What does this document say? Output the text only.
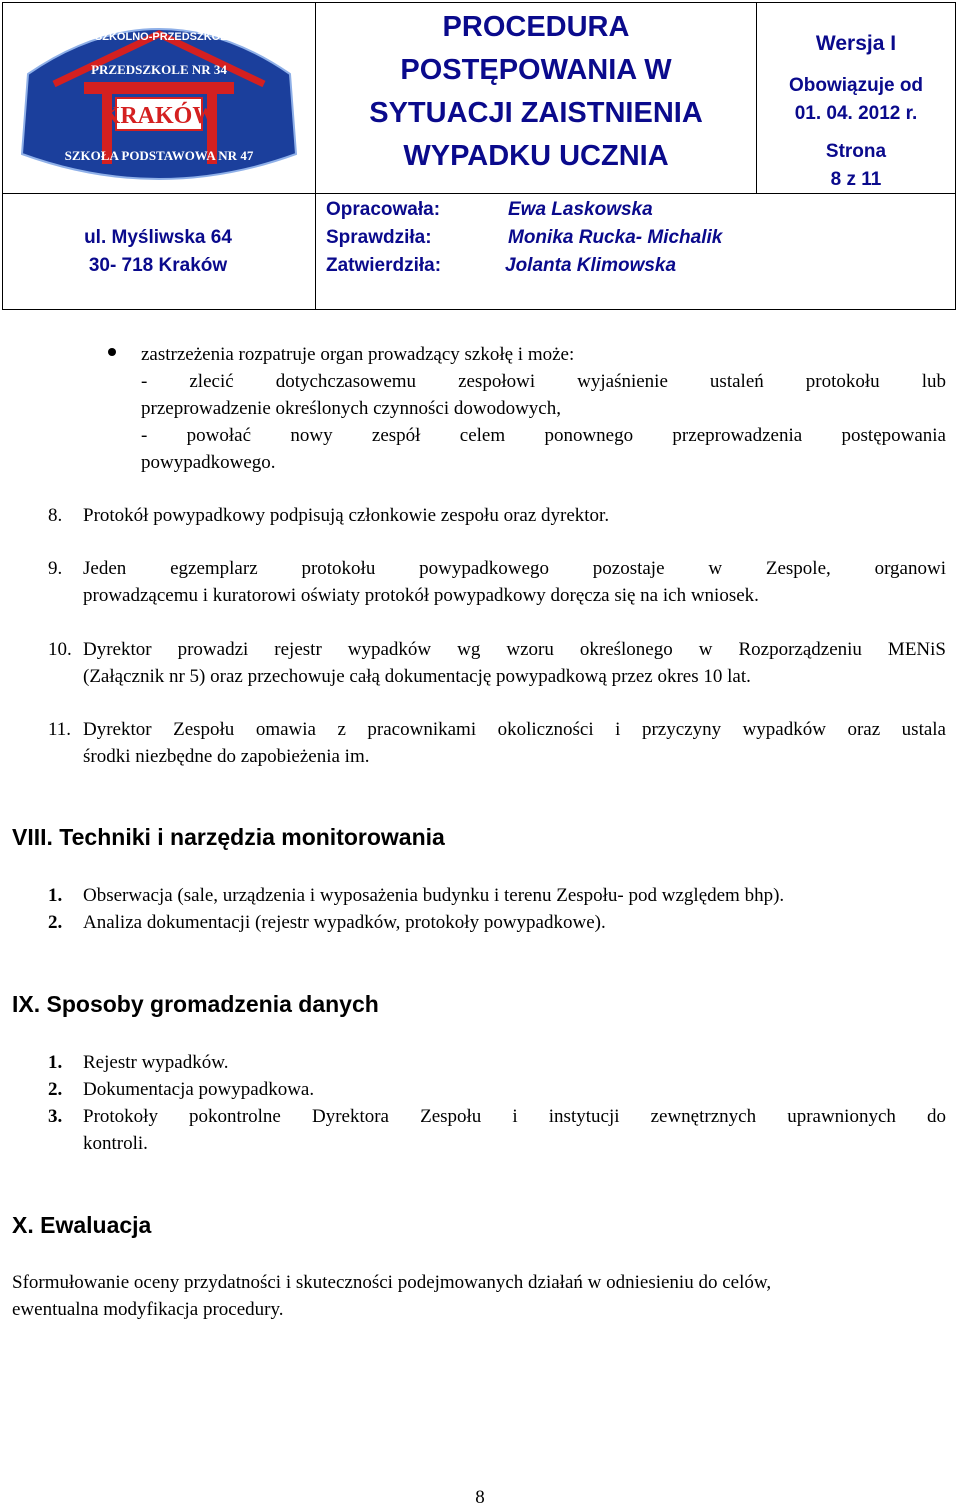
ZESPÓŁ SZKOLNO-PRZEDSZKOLNY NR 1
PRZEDSZKOLE NR 34
KRAKÓW
SZKOŁA PODSTAWOWA NR 47
ul. Myśliwska 64
30- 718 Kraków
PROCEDURA
POSTĘPOWANIA W
SYTUACJI ZAISTNIENIA
WYPADKU UCZNIA
Wersja I
Obowiązuje od
01. 04. 2012 r.
Strona
8 z 11
Opracowała:	Ewa Laskowska
Sprawdziła:	Monika Rucka- Michalik
Zatwierdziła:	Jolanta Klimowska
zastrzeżenia rozpatruje organ prowadzący szkołę i może:
- zlecić dotychczasowemu zespołowi wyjaśnienie ustaleń protokołu lub
przeprowadzenie określonych czynności dowodowych,
- powołać nowy zespół celem ponownego przeprowadzenia postępowania
powypadkowego.
8. Protokół powypadkowy podpisują członkowie zespołu oraz dyrektor.
9. Jeden egzemplarz protokołu powypadkowego pozostaje w Zespole, organowi
prowadzącemu i kuratorowi oświaty protokół powypadkowy doręcza się na ich wniosek.
10. Dyrektor prowadzi rejestr wypadków wg wzoru określonego w Rozporządzeniu MENiS
(Załącznik nr 5) oraz przechowuje całą dokumentację powypadkową przez okres 10 lat.
11. Dyrektor Zespołu omawia z pracownikami okoliczności i przyczyny wypadków oraz ustala
środki niezbędne do zapobieżenia im.
VIII. Techniki i narzędzia monitorowania
1. Obserwacja (sale, urządzenia i wyposażenia budynku i terenu Zespołu- pod względem bhp).
2. Analiza dokumentacji (rejestr wypadków, protokoły powypadkowe).
IX. Sposoby gromadzenia danych
1. Rejestr wypadków.
2. Dokumentacja powypadkowa.
3. Protokoły pokontrolne Dyrektora Zespołu i instytucji zewnętrznych uprawnionych do
kontroli.
X. Ewaluacja
Sformułowanie oceny przydatności i skuteczności podejmowanych działań w odniesieniu do celów,
ewentualna modyfikacja procedury.
8
